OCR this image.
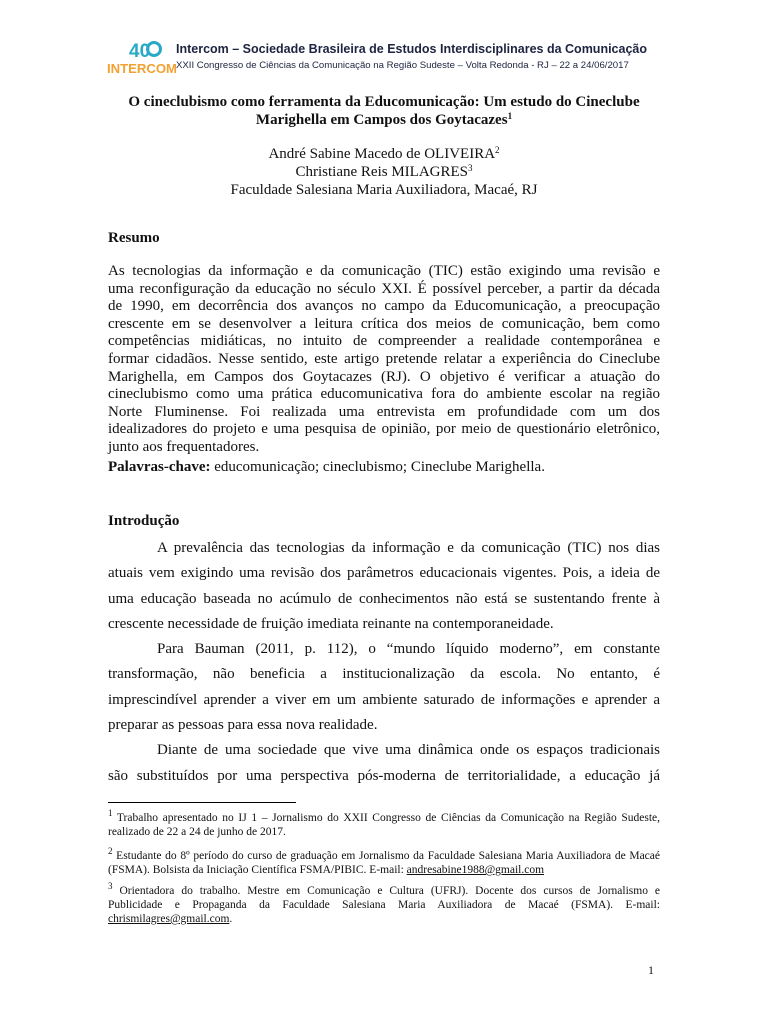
40
INTERCOM
Intercom – Sociedade Brasileira de Estudos Interdisciplinares da Comunicação
XXII Congresso de Ciências da Comunicação na Região Sudeste – Volta Redonda - RJ – 22 a 24/06/2017
O cineclubismo como ferramenta da Educomunicação: Um estudo do Cineclube
Marighella em Campos dos Goytacazes$^1$
André Sabine Macedo de OLIVEIRA$^2$
Christiane Reis MILAGRES$^3$
Faculdade Salesiana Maria Auxiliadora, Macaé, RJ
Resumo
As tecnologias da informação e da comunicação (TIC) estão exigindo uma revisão e
uma reconfiguração da educação no século XXI. É possível perceber, a partir da década
de 1990, em decorrência dos avanços no campo da Educomunicação, a preocupação
crescente em se desenvolver a leitura crítica dos meios de comunicação, bem como
competências midiáticas, no intuito de compreender a realidade contemporânea e
formar cidadãos. Nesse sentido, este artigo pretende relatar a experiência do Cineclube
Marighella, em Campos dos Goytacazes (RJ). O objetivo é verificar a atuação do
cineclubismo como uma prática educomunicativa fora do ambiente escolar na região
Norte Fluminense. Foi realizada uma entrevista em profundidade com um dos
idealizadores do projeto e uma pesquisa de opinião, por meio de questionário eletrônico,
junto aos frequentadores.
Palavras-chave: educomunicação; cineclubismo; Cineclube Marighella.
Introdução

A prevalência das tecnologias da informação e da comunicação (TIC) nos dias
atuais vem exigindo uma revisão dos parâmetros educacionais vigentes. Pois, a ideia de
uma educação baseada no acúmulo de conhecimentos não está se sustentando frente à
crescente necessidade de fruição imediata reinante na contemporaneidade.

Para Bauman (2011, p. 112), o “mundo líquido moderno”, em constante
transformação, não beneficia a institucionalização da escola. No entanto, é
imprescindível aprender a viver em um ambiente saturado de informações e aprender a
preparar as pessoas para essa nova realidade.

Diante de uma sociedade que vive uma dinâmica onde os espaços tradicionais
são substituídos por uma perspectiva pós-moderna de territorialidade, a educação já

$^1$ Trabalho apresentado no IJ 1 – Jornalismo do XXII Congresso de Ciências da Comunicação na Região Sudeste,
realizado de 22 a 24 de junho de 2017.
$^2$ Estudante do 8º período do curso de graduação em Jornalismo da Faculdade Salesiana Maria Auxiliadora de Macaé
(FSMA). Bolsista da Iniciação Científica FSMA/PIBIC. E-mail: andresabine1988@gmail.com
$^3$ Orientadora do trabalho. Mestre em Comunicação e Cultura (UFRJ). Docente dos cursos de Jornalismo e
Publicidade e Propaganda da Faculdade Salesiana Maria Auxiliadora de Macaé (FSMA). E-mail:
chrismilagres@gmail.com.
1
